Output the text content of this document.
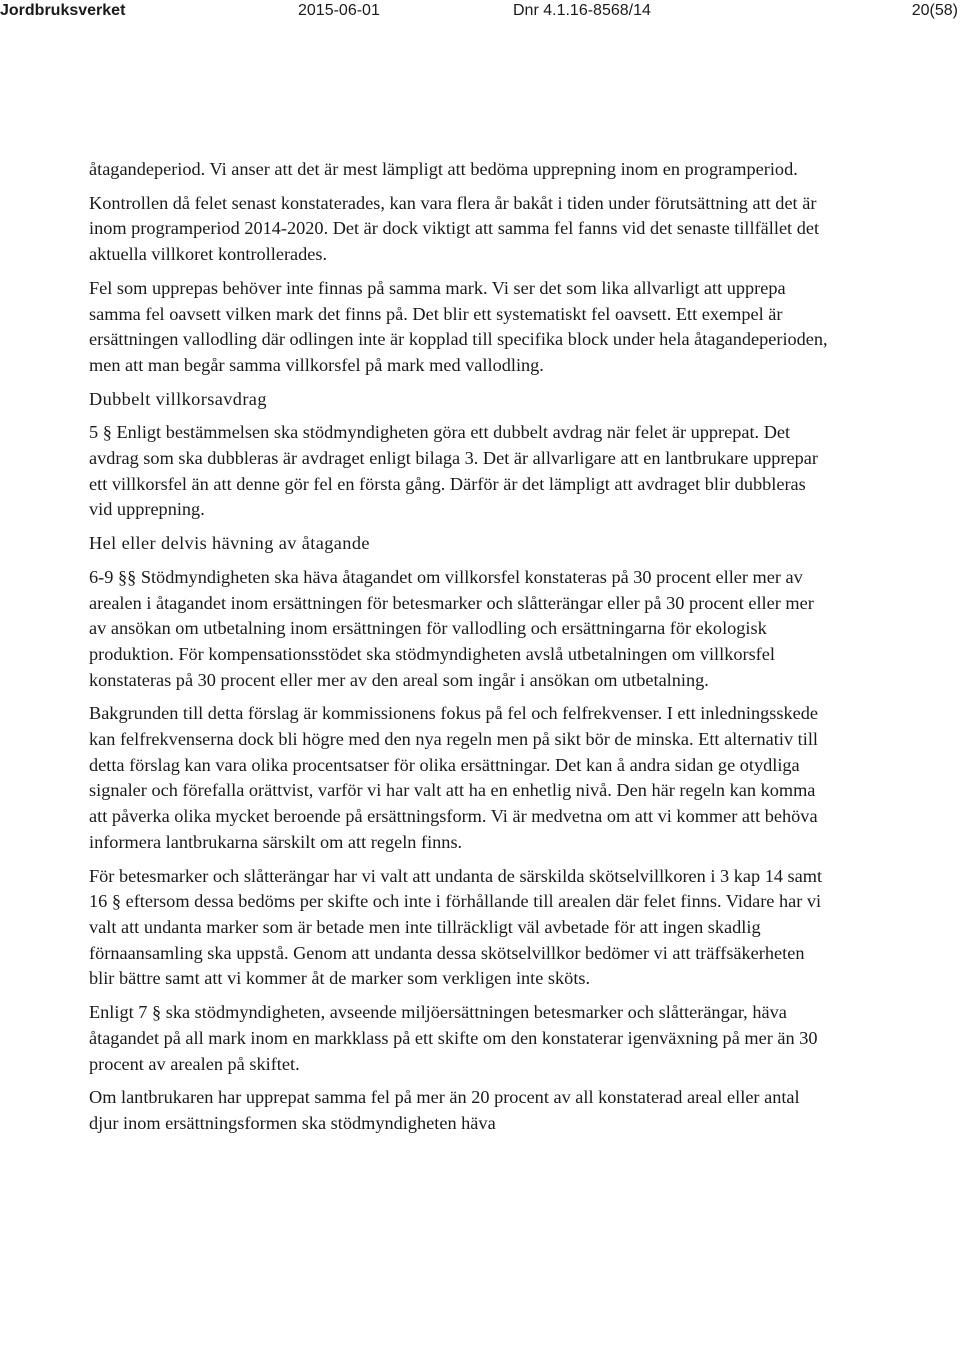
Jordbruksverket	2015-06-01	Dnr 4.1.16-8568/14	20(58)

åtagandeperiod. Vi anser att det är mest lämpligt att bedöma upprepning inom en programperiod.

Kontrollen då felet senast konstaterades, kan vara flera år bakåt i tiden under förutsättning att det är inom programperiod 2014-2020. Det är dock viktigt att samma fel fanns vid det senaste tillfället det aktuella villkoret kontrollerades.

Fel som upprepas behöver inte finnas på samma mark. Vi ser det som lika allvarligt att upprepa samma fel oavsett vilken mark det finns på. Det blir ett systematiskt fel oavsett. Ett exempel är ersättningen vallodling där odlingen inte är kopplad till specifika block under hela åtagandeperioden, men att man begår samma villkorsfel på mark med vallodling.

Dubbelt villkorsavdrag

5 § Enligt bestämmelsen ska stödmyndigheten göra ett dubbelt avdrag när felet är upprepat. Det avdrag som ska dubbleras är avdraget enligt bilaga 3. Det är allvarligare att en lantbrukare upprepar ett villkorsfel än att denne gör fel en första gång. Därför är det lämpligt att avdraget blir dubbleras vid upprepning.

Hel eller delvis hävning av åtagande

6-9 §§ Stödmyndigheten ska häva åtagandet om villkorsfel konstateras på 30 procent eller mer av arealen i åtagandet inom ersättningen för betesmarker och slåtterängar eller på 30 procent eller mer av ansökan om utbetalning inom ersättningen för vallodling och ersättningarna för ekologisk produktion. För kompensationsstödet ska stödmyndigheten avslå utbetalningen om villkorsfel konstateras på 30 procent eller mer av den areal som ingår i ansökan om utbetalning.

Bakgrunden till detta förslag är kommissionens fokus på fel och felfrekvenser. I ett inledningsskede kan felfrekvenserna dock bli högre med den nya regeln men på sikt bör de minska. Ett alternativ till detta förslag kan vara olika procentsatser för olika ersättningar. Det kan å andra sidan ge otydliga signaler och förefalla orättvist, varför vi har valt att ha en enhetlig nivå. Den här regeln kan komma att påverka olika mycket beroende på ersättningsform. Vi är medvetna om att vi kommer att behöva informera lantbrukarna särskilt om att regeln finns.

För betesmarker och slåtterängar har vi valt att undanta de särskilda skötselvillkoren i 3 kap 14 samt 16 § eftersom dessa bedöms per skifte och inte i förhållande till arealen där felet finns. Vidare har vi valt att undanta marker som är betade men inte tillräckligt väl avbetade för att ingen skadlig förnaansamling ska uppstå. Genom att undanta dessa skötselvillkor bedömer vi att träffsäkerheten blir bättre samt att vi kommer åt de marker som verkligen inte sköts.

Enligt 7 § ska stödmyndigheten, avseende miljöersättningen betesmarker och slåtterängar, häva åtagandet på all mark inom en markklass på ett skifte om den konstaterar igenväxning på mer än 30 procent av arealen på skiftet.

Om lantbrukaren har upprepat samma fel på mer än 20 procent av all konstaterad areal eller antal djur inom ersättningsformen ska stödmyndigheten häva
